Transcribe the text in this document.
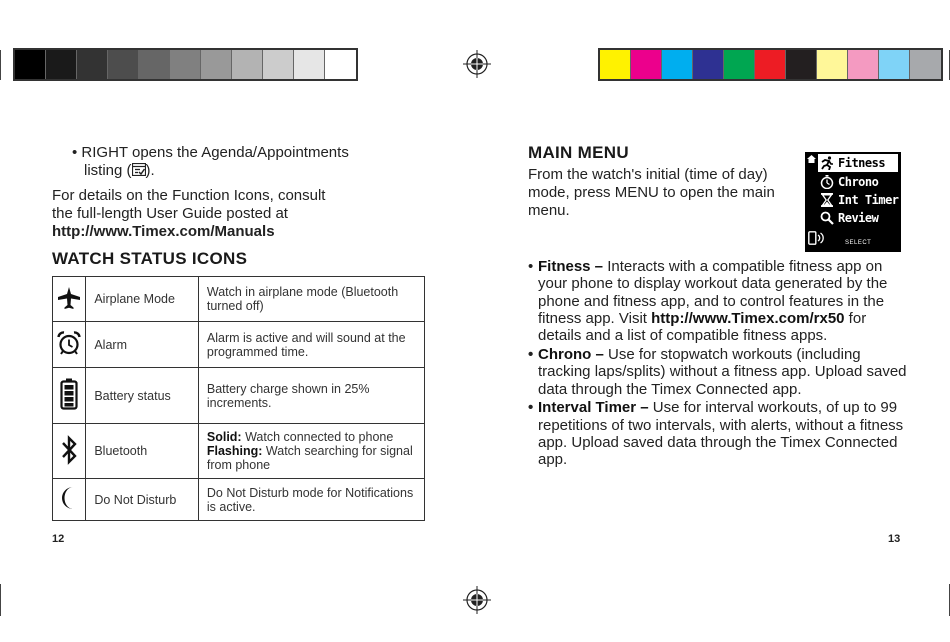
• RIGHT opens the Agenda/Appointments
listing ( ).
For details on the Function Icons, consult
the full-length User Guide posted at
http://www.Timex.com/Manuals
WATCH STATUS ICONS
	Airplane Mode	Watch in airplane mode (Bluetooth turned off)
	Alarm	Alarm is active and will sound at the programmed time.
	Battery status	Battery charge shown in 25% increments.
	Bluetooth	Solid: Watch connected to phone
Flashing: Watch searching for signal from phone
	Do Not Disturb	Do Not Disturb mode for Notifications is active.
12
MAIN MENU
From the watch's initial (time of day) mode, press MENU to open the main menu.
Fitness
Chrono
Int Timer
Review
SELECT
• Fitness – Interacts with a compatible fitness app on your phone to display workout data generated by the phone and fitness app, and to control features in the fitness app. Visit http://www.Timex.com/rx50 for details and a list of compatible fitness apps.
• Chrono – Use for stopwatch workouts (including tracking laps/splits) without a fitness app. Upload saved data through the Timex Connected app.
• Interval Timer – Use for interval workouts, of up to 99 repetitions of two intervals, with alerts, without a fitness app. Upload saved data through the Timex Connected app.
13
